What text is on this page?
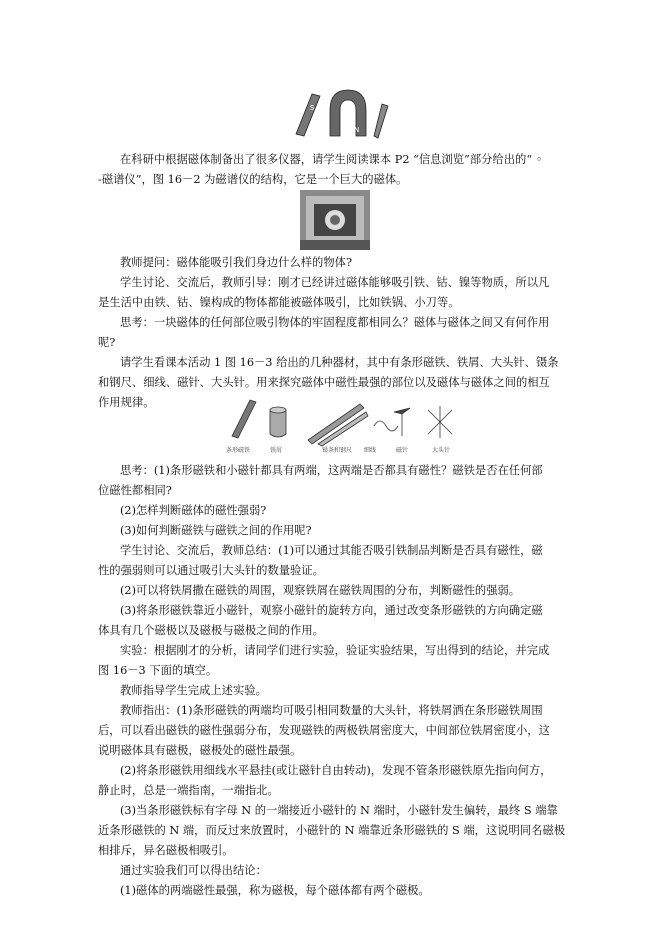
S
N

在科研中根据磁体制备出了很多仪器，请学生阅读课本 P2 “信息浏览”部分给出的“ ◦

-磁谱仪”，图 16－2 为磁谱仪的结构，它是一个巨大的磁体。

教师提问：磁体能吸引我们身边什么样的物体?

学生讨论、交流后，教师引导：刚才已经讲过磁体能够吸引铁、钴、镍等物质，所以凡

是生活中由铁、钴、镍构成的物体都能被磁体吸引，比如铁锅、小刀等。

思考：一块磁体的任何部位吸引物体的牢固程度都相同么？磁体与磁体之间又有何作用

呢?

请学生看课本活动 1 图 16－3 给出的几种器材，其中有条形磁铁、铁屑、大头针、镊条

和钢尺、细线、磁针、大头针。用来探究磁体中磁性最强的部位以及磁体与磁体之间的相互

作用规律。

条形磁铁	铁屑	镊条和钢尺 细线	磁针	大头针

思考：(1)条形磁铁和小磁针都具有两端，这两端是否都具有磁性？磁铁是否在任何部

位磁性都相同?

(2)怎样判断磁体的磁性强弱?

(3)如何判断磁铁与磁铁之间的作用呢?

学生讨论、交流后，教师总结：(1)可以通过其能否吸引铁制品判断是否具有磁性，磁

性的强弱则可以通过吸引大头针的数量验证。

(2)可以将铁屑撒在磁铁的周围，观察铁屑在磁铁周围的分布，判断磁性的强弱。

(3)将条形磁铁靠近小磁针，观察小磁针的旋转方向，通过改变条形磁铁的方向确定磁

体具有几个磁极以及磁极与磁极之间的作用。

实验：根据刚才的分析，请同学们进行实验，验证实验结果，写出得到的结论，并完成

图 16－3 下面的填空。

教师指导学生完成上述实验。

教师指出：(1)条形磁铁的两端均可吸引相同数量的大头针，将铁屑洒在条形磁铁周围

后，可以看出磁铁的磁性强弱分布，发现磁铁的两极铁屑密度大，中间部位铁屑密度小，这

说明磁体具有磁极，磁极处的磁性最强。

(2)将条形磁铁用细线水平悬挂(或让磁针自由转动)，发现不管条形磁铁原先指向何方，

静止时，总是一端指南，一端指北。

(3)当条形磁铁标有字母 N 的一端接近小磁针的 N 端时，小磁针发生偏转，最终 S 端靠

近条形磁铁的 N 端，而反过来放置时，小磁针的 N 端靠近条形磁铁的 S 端，这说明同名磁极

相排斥，异名磁极相吸引。

通过实验我们可以得出结论：

(1)磁体的两端磁性最强，称为磁极，每个磁体都有两个磁极。
